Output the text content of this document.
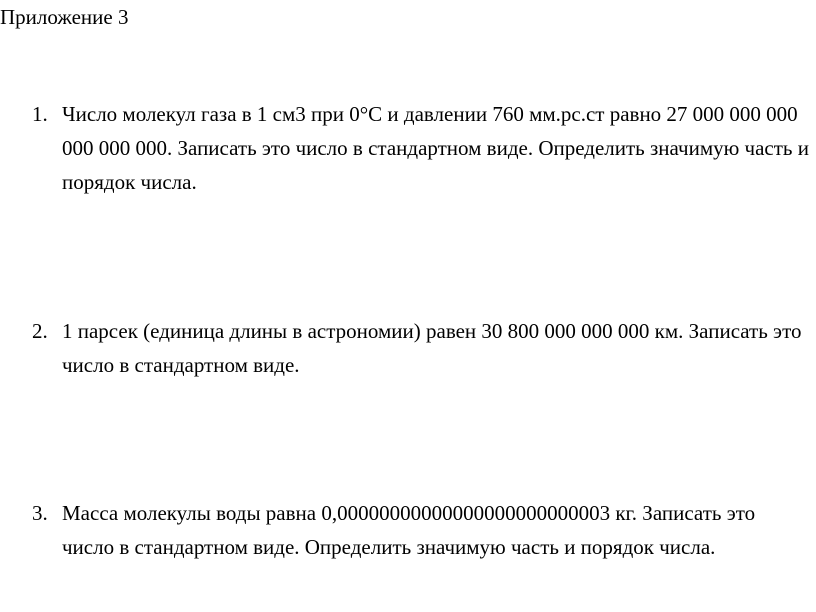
Приложение 3
1. Число молекул газа в 1 см3 при 0°С и давлении 760 мм.рс.ст равно 27 000 000 000 000 000 000. Записать это число в стандартном виде. Определить значимую часть и порядок числа.
2. 1 парсек (единица длины в астрономии) равен 30 800 000 000 000 км. Записать это число в стандартном виде.
3. Масса молекулы воды равна 0,00000000000000000000000003 кг. Записать это число в стандартном виде. Определить значимую часть и порядок числа.
